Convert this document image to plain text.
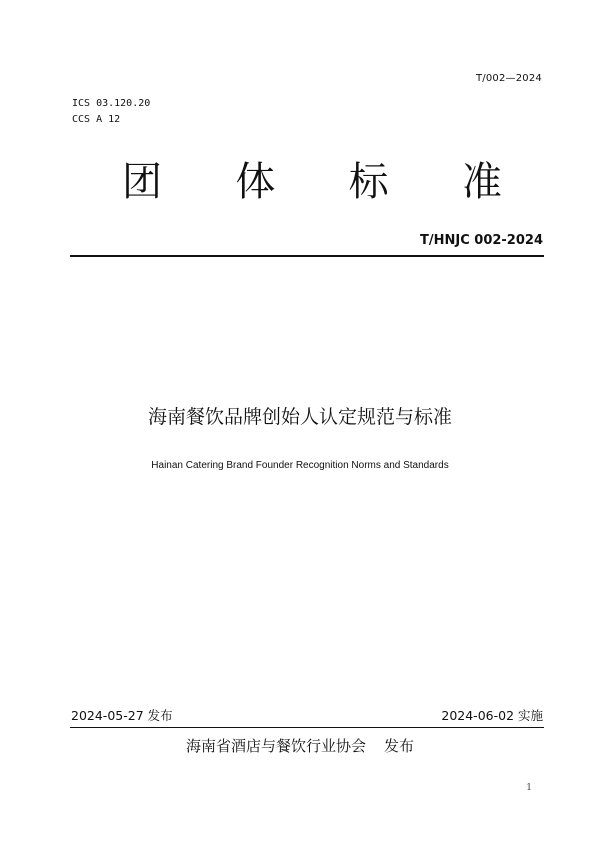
T/002—2024
ICS 03.120.20
CCS A 12
团 体 标 准
T/HNJC 002-2024
海南餐饮品牌创始人认定规范与标准
Hainan Catering Brand Founder Recognition Norms and Standards
2024-05-27 发布	2024-06-02 实施
海南省酒店与餐饮行业协会 发布
1
